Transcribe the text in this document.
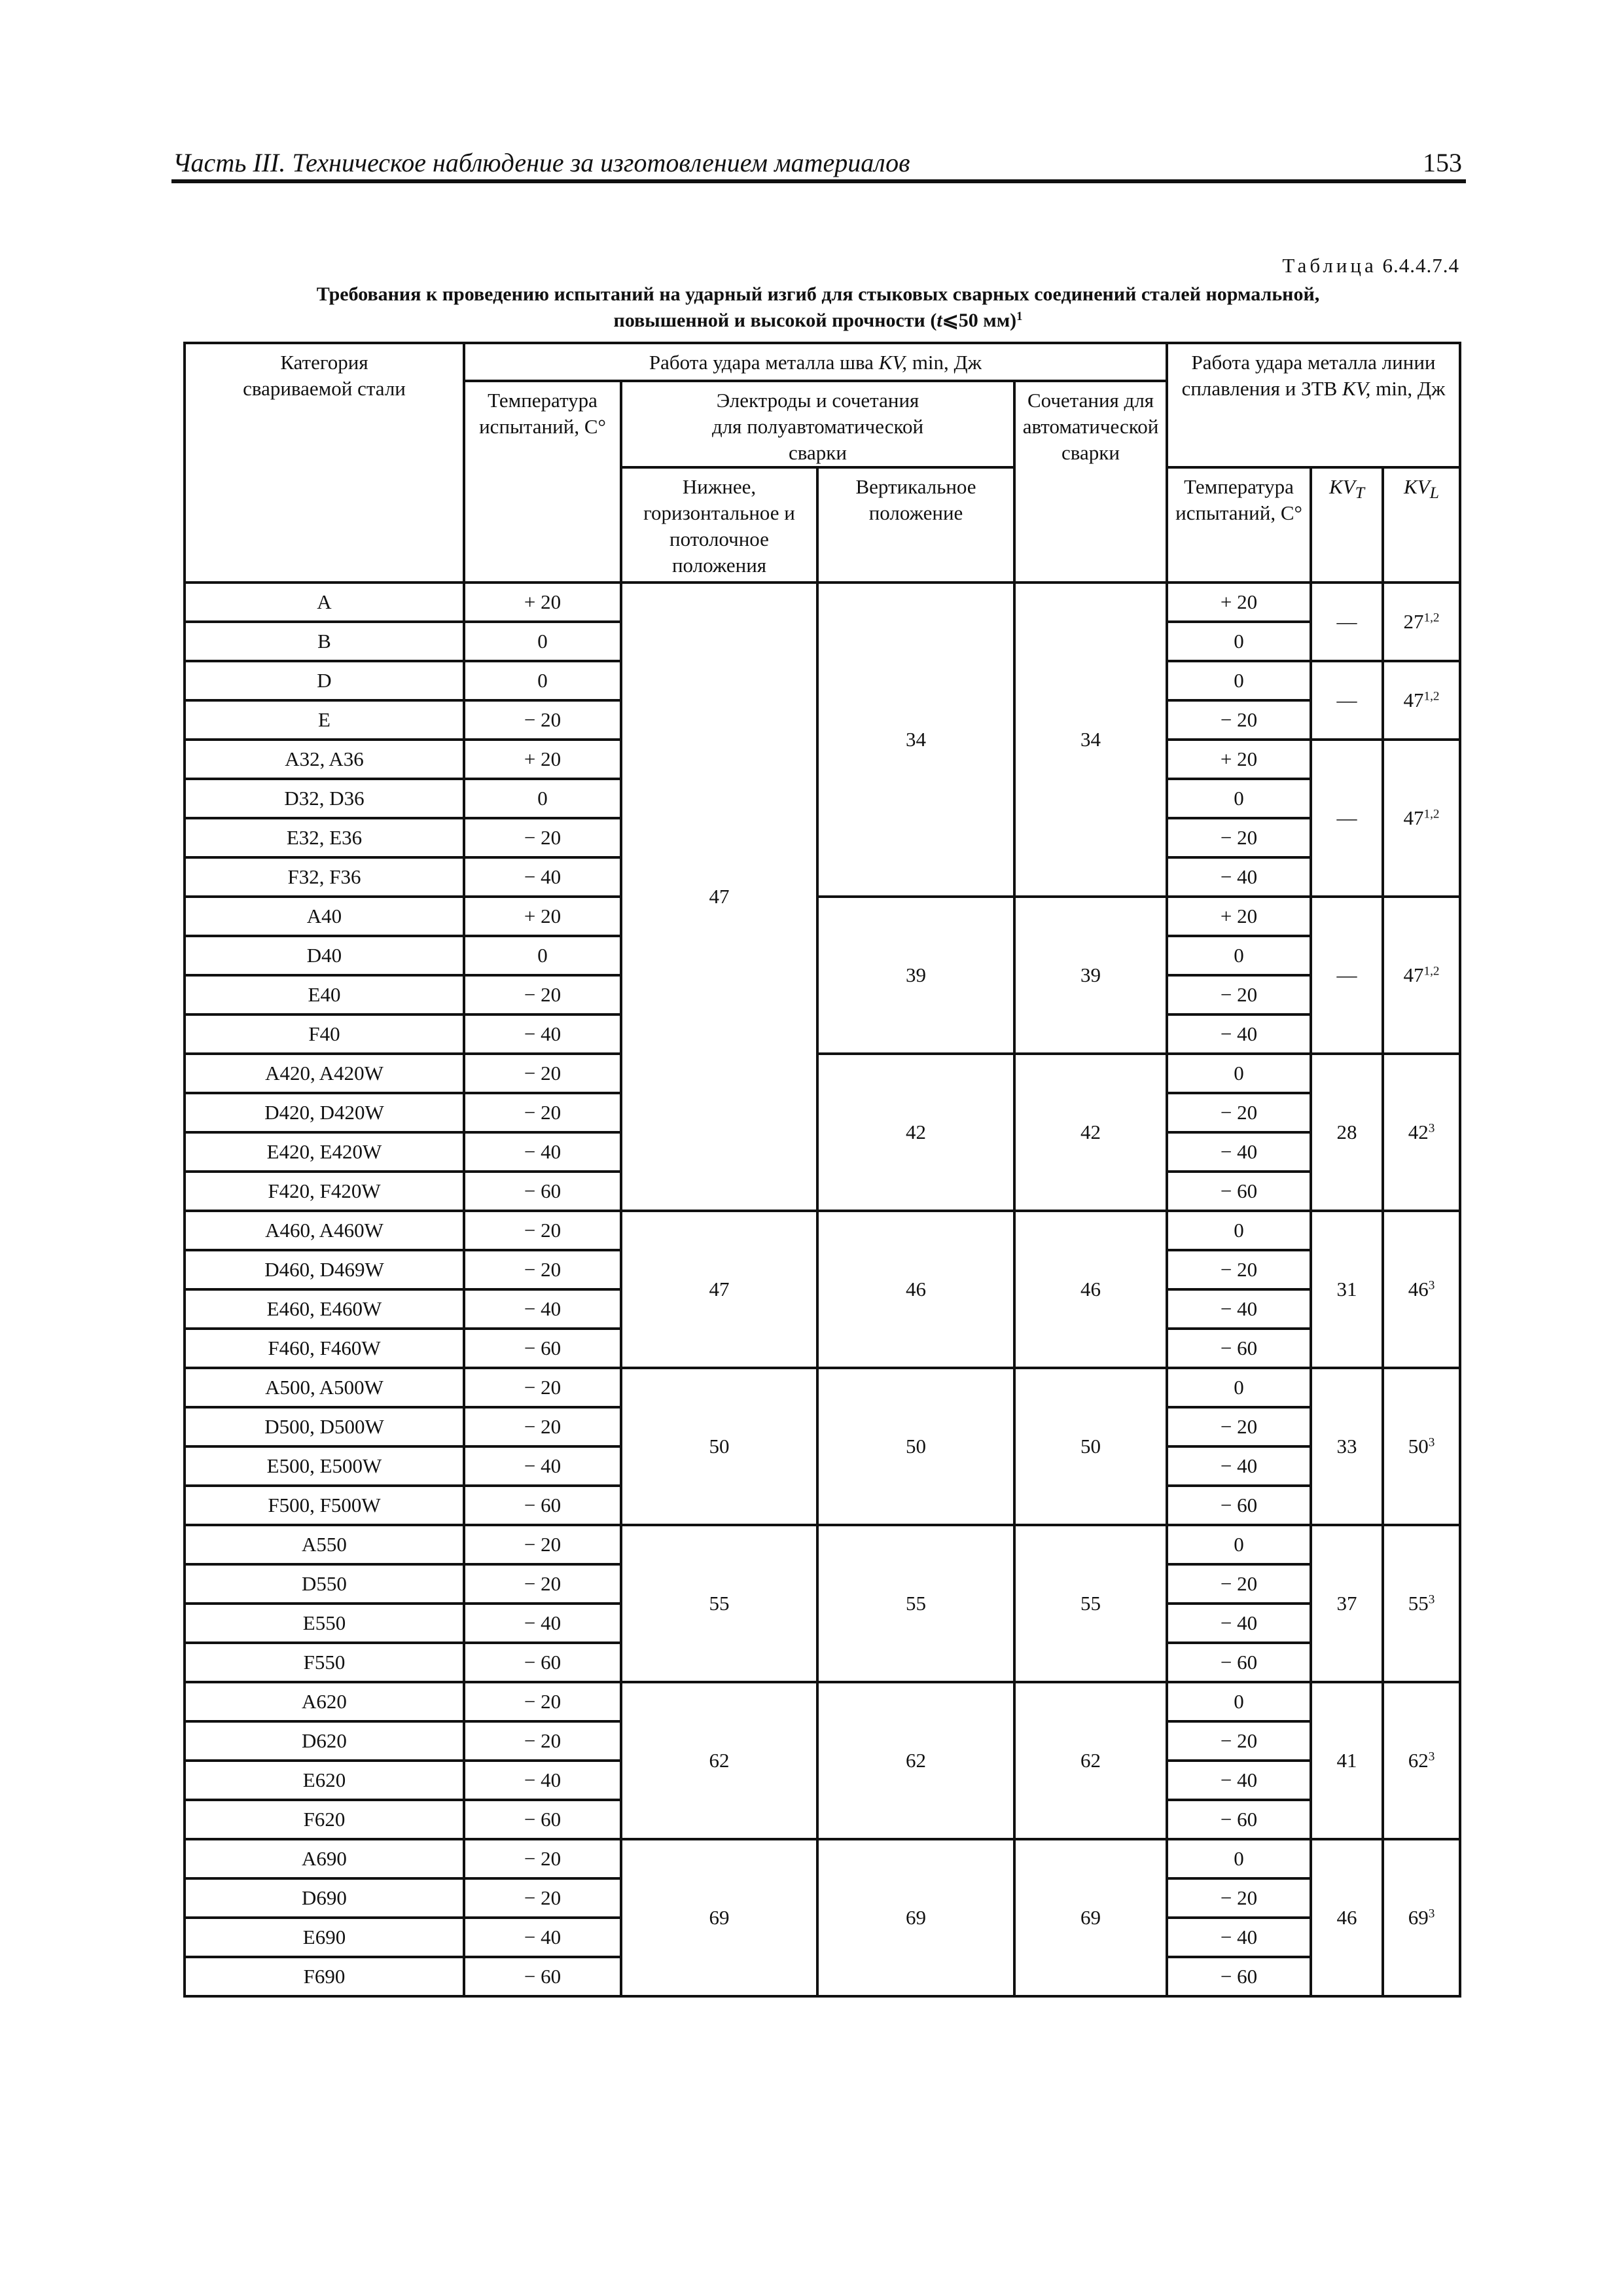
Часть III. Техническое наблюдение за изготовлением материалов	153
Таблица 6.4.4.7.4
Требования к проведению испытаний на ударный изгиб для стыковых сварных соединений сталей нормальной,
повышенной и высокой прочности (t⩽50 мм)$^1$
Категория свариваемой стали	Работа удара металла шва KV, min, Дж				Работа удара металла линии сплавления и ЗТВ KV, min, Дж		
	Температура испытаний, С°	Электроды и сочетания для полуавтоматической сварки		Сочетания для автоматической сварки			
		Нижнее, горизонтальное и потолочное положения	Вертикальное положение		Температура испытаний, С°	$KV_T$	$KV_L$
A	+ 20	47	34	34	+ 20	—	27$^{1,2}$
B	0				0		
D	0				0	—	47$^{1,2}$
E	− 20				− 20		
A32, A36	+ 20				+ 20	—	47$^{1,2}$
D32, D36	0				0		
E32, E36	− 20				− 20		
F32, F36	− 40				− 40		
A40	+ 20		39	39	+ 20	—	47$^{1,2}$
D40	0				0		
E40	− 20				− 20		
F40	− 40				− 40		
A420, A420W	− 20		42	42	0	28	$42^3$
D420, D420W	− 20				− 20		
E420, E420W	− 40				− 40		
F420, F420W	− 60				− 60		
A460, A460W	− 20	47	46	46	0	31	$46^3$
D460, D469W	− 20				− 20		
E460, E460W	− 40				− 40		
F460, F460W	− 60				− 60		
A500, A500W	− 20	50	50	50	0	33	$50^3$
D500, D500W	− 20				− 20		
E500, E500W	− 40				− 40		
F500, F500W	− 60				− 60		
A550	− 20	55	55	55	0	37	$55^3$
D550	− 20				− 20		
E550	− 40				− 40		
F550	− 60				− 60		
A620	− 20	62	62	62	0	41	$62^3$
D620	− 20				− 20		
E620	− 40				− 40		
F620	− 60				− 60		
A690	− 20	69	69	69	0	46	$69^3$
D690	− 20				− 20		
E690	− 40				− 40		
F690	− 60				− 60		
